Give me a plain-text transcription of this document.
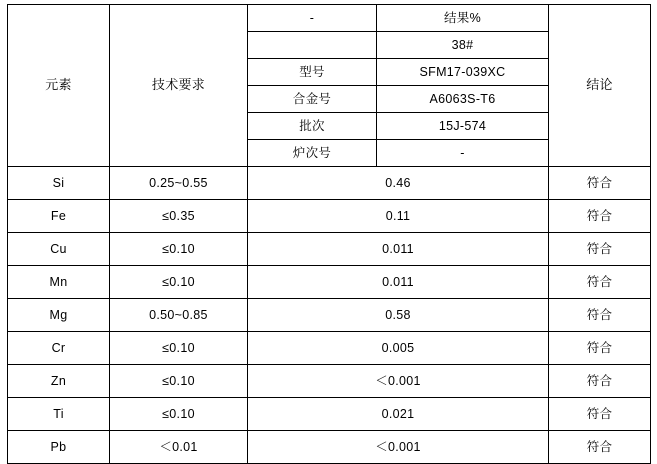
元素	技术要求	-	结果%	结论
			38#	
		型号	SFM17-039XC	
		合金号	A6063S-T6	
		批次	15J-574	
		炉次号	-	
Si	0.25~0.55	0.46		符合
Fe	≤0.35	0.11		符合
Cu	≤0.10	0.011		符合
Mn	≤0.10	0.011		符合
Mg	0.50~0.85	0.58		符合
Cr	≤0.10	0.005		符合
Zn	≤0.10	＜0.001		符合
Ti	≤0.10	0.021		符合
Pb	＜0.01	＜0.001		符合
